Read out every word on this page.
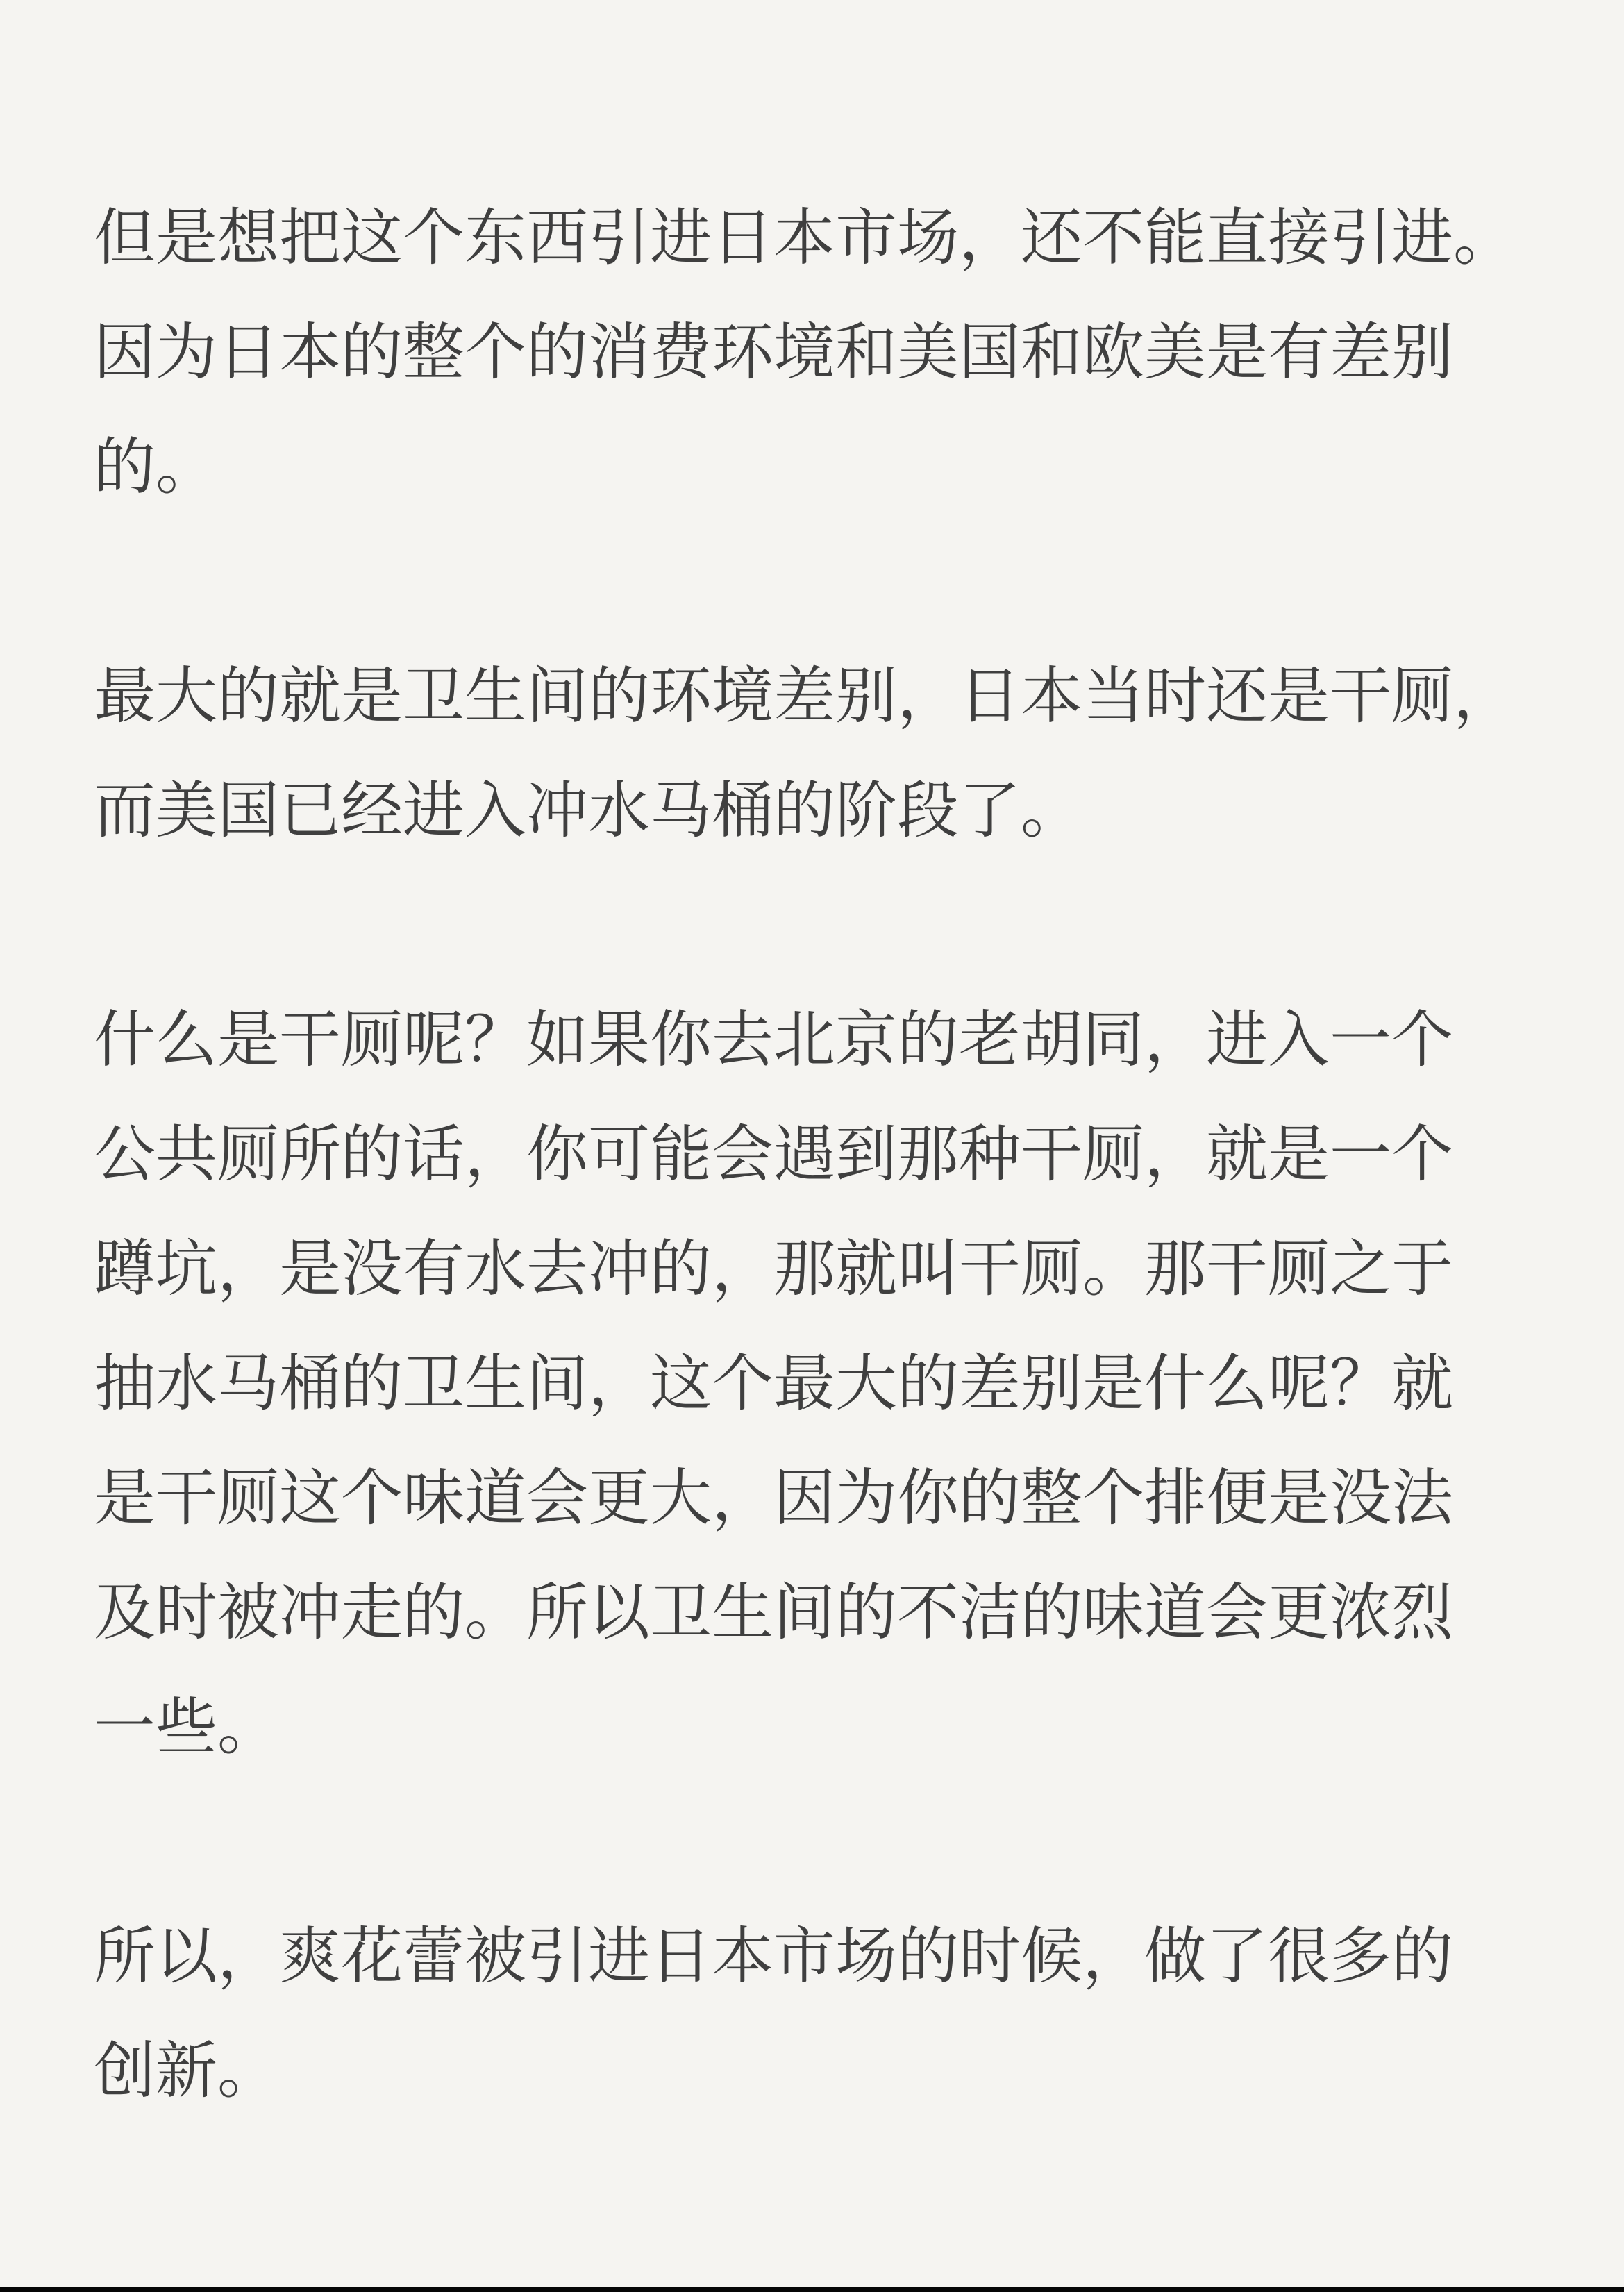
但是想把这个东西引进日本市场，还不能直接引进。
因为日本的整个的消费环境和美国和欧美是有差别
的。
最大的就是卫生间的环境差别，日本当时还是干厕，
而美国已经进入冲水马桶的阶段了。
什么是干厕呢？如果你去北京的老胡同，进入一个
公共厕所的话，你可能会遇到那种干厕，就是一个
蹲坑，是没有水去冲的，那就叫干厕。那干厕之于
抽水马桶的卫生间，这个最大的差别是什么呢？就
是干厕这个味道会更大，因为你的整个排便是没法
及时被冲走的。所以卫生间的不洁的味道会更浓烈
一些。
所以，爽花蕾被引进日本市场的时候，做了很多的
创新。
